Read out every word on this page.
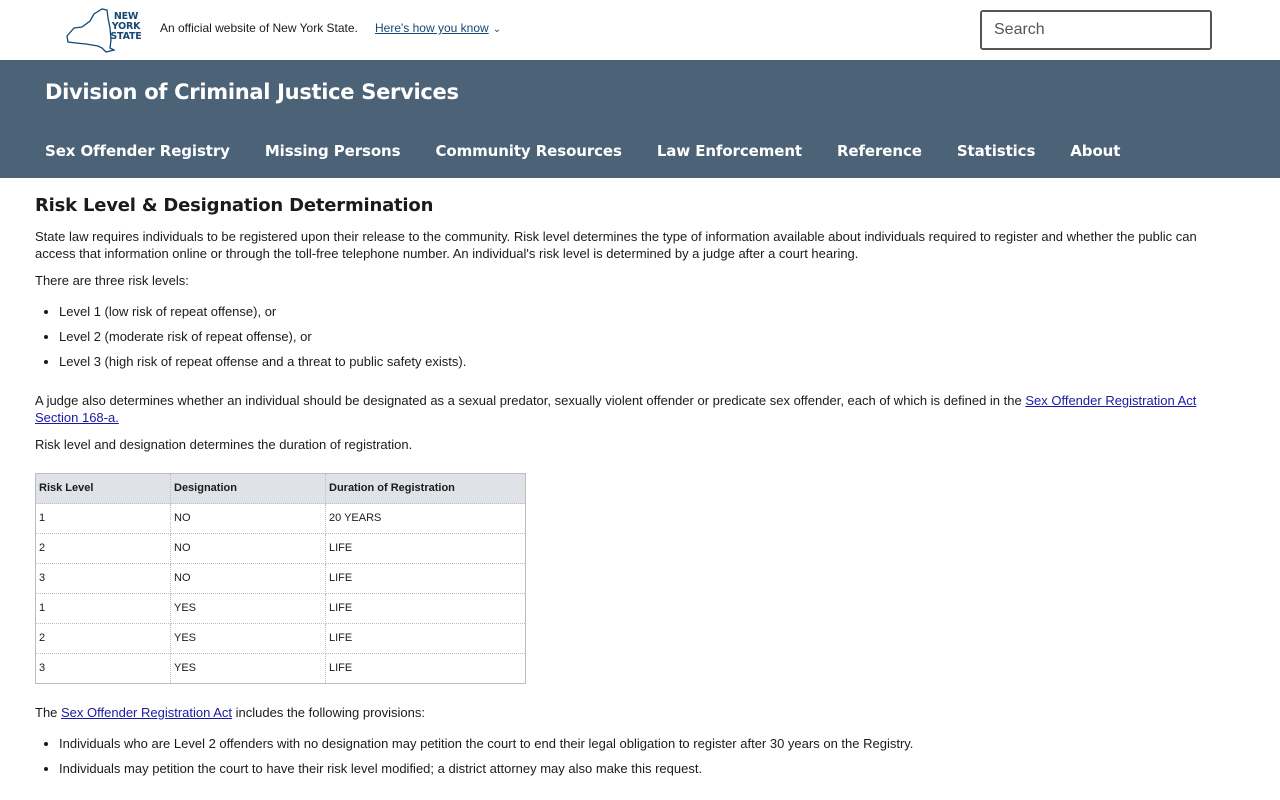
NEW YORK STATE
An official website of New York State. Here's how you know ⌄
Search
Division of Criminal Justice Services
Sex Offender Registry Missing Persons Community Resources Law Enforcement Reference Statistics About
Risk Level & Designation Determination

State law requires individuals to be registered upon their release to the community. Risk level determines the type of information available about individuals required to register and whether the public can access that information online or through the toll-free telephone number. An individual's risk level is determined by a judge after a court hearing.

There are three risk levels:

• Level 1 (low risk of repeat offense), or
• Level 2 (moderate risk of repeat offense), or
• Level 3 (high risk of repeat offense and a threat to public safety exists).

A judge also determines whether an individual should be designated as a sexual predator, sexually violent offender or predicate sex offender, each of which is defined in the Sex Offender Registration Act Section 168-a.

Risk level and designation determines the duration of registration.

Risk Level	Designation	Duration of Registration
1	NO	20 YEARS
2	NO	LIFE
3	NO	LIFE
1	YES	LIFE
2	YES	LIFE
3	YES	LIFE

The Sex Offender Registration Act includes the following provisions:

• Individuals who are Level 2 offenders with no designation may petition the court to end their legal obligation to register after 30 years on the Registry.
• Individuals may petition the court to have their risk level modified; a district attorney may also make this request.
